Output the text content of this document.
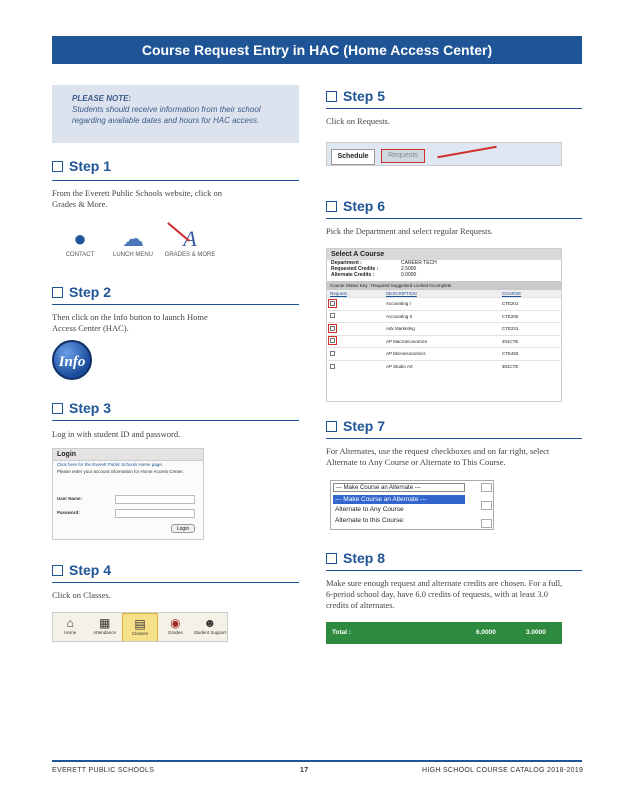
Course Request Entry in HAC (Home Access Center)
PLEASE NOTE:
Students should receive information from their school regarding available dates and hours for HAC access.
Step 1
From the Everett Public Schools website, click on Grades & More.
●
CONTACT
☁
LUNCH MENU
A
GRADES & MORE
Step 2
Then click on the Info button to launch Home Access Center (HAC).
Info
Step 3
Log in with student ID and password.
Login
Click here for the Everett Public Schools Home page.
Please enter your account information for Home Access Center.
User Name:
Password:
Login
Step 4
Click on Classes.
⌂
Home
▦
Attendance
▤
Classes
◉
Grades
☻
Student Support
Step 5
Click on Requests.
Schedule	Requests
Step 6
Pick the Department and select regular Requests.
Select A Course
Department :	CAREER TECH
Requested Credits :	2.5000
Alternate Credits :	0.0000
Course Status Key : Required Suggested Locked Incomplete
Request	DESCRIPTION	COURSE
	Accounting I	CTE201
	Accounting II	CTE205
	Adv Marketing	CTE231
	AP Macroeconomics	491CTE
	AP Microeconomics	CTE493
	AP Studio Art	381CTE
Step 7
For Alternates, use the request checkboxes and on far right, select Alternate to Any Course or Alternate to This Course.
--- Make Course an Alternate ---
--- Make Course an Alternate ---
Alternate to Any Course
Alternate to this Course:
Step 8
Make sure enough request and alternate credits are chosen. For a full, 6-period school day, have 6.0 credits of requests, with at least 3.0 credits of alternates.
Total :	6.0000	3.0000
EVERETT PUBLIC SCHOOLS	17	HIGH SCHOOL COURSE CATALOG 2018-2019
